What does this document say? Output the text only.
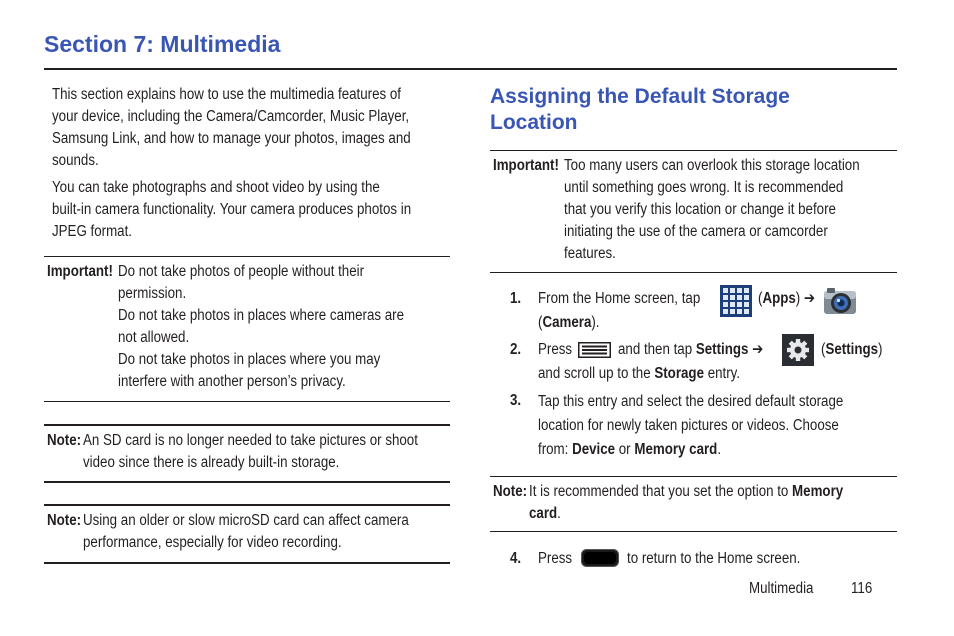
Section 7: Multimedia
This section explains how to use the multimedia features of
your device, including the Camera/Camcorder, Music Player,
Samsung Link, and how to manage your photos, images and
sounds.
You can take photographs and shoot video by using the
built-in camera functionality. Your camera produces photos in
JPEG format.
Important! Do not take photos of people without their
permission.
Do not take photos in places where cameras are
not allowed.
Do not take photos in places where you may
interfere with another person’s privacy.
Note: An SD card is no longer needed to take pictures or shoot
video since there is already built-in storage.
Note: Using an older or slow microSD card can affect camera
performance, especially for video recording.
Assigning the Default Storage
Location
Important! Too many users can overlook this storage location
until something goes wrong. It is recommended
that you verify this location or change it before
initiating the use of the camera or camcorder
features.
1. From the Home screen, tap	(Apps) ➔
(Camera).
2. Press	and then tap Settings ➔	(Settings)
and scroll up to the Storage entry.
3. Tap this entry and select the desired default storage
location for newly taken pictures or videos. Choose
from: Device or Memory card.
Note: It is recommended that you set the option to Memory
card.
4. Press	to return to the Home screen.
Multimedia 116
